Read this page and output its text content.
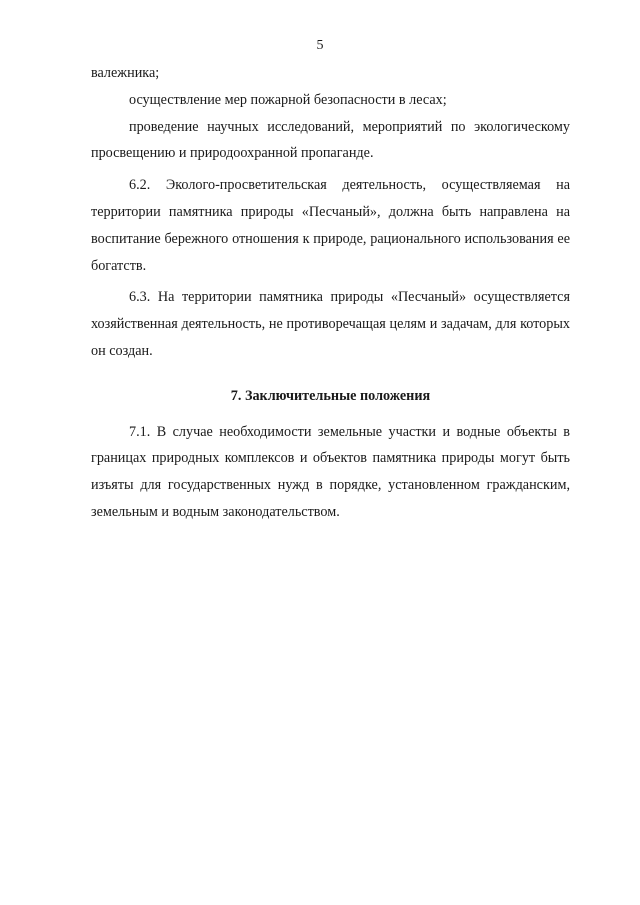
5

валежника;

осуществление мер пожарной безопасности в лесах;

проведение научных исследований, мероприятий по экологическому просвещению и природоохранной пропаганде.

6.2. Эколого-просветительская деятельность, осуществляемая на территории памятника природы «Песчаный», должна быть направлена на воспитание бережного отношения к природе, рационального использования ее богатств.

6.3. На территории памятника природы «Песчаный» осуществляется хозяйственная деятельность, не противоречащая целям и задачам, для которых он создан.

7. Заключительные положения

7.1. В случае необходимости земельные участки и водные объекты в границах природных комплексов и объектов памятника природы могут быть изъяты для государственных нужд в порядке, установленном гражданским, земельным и водным законодательством.
